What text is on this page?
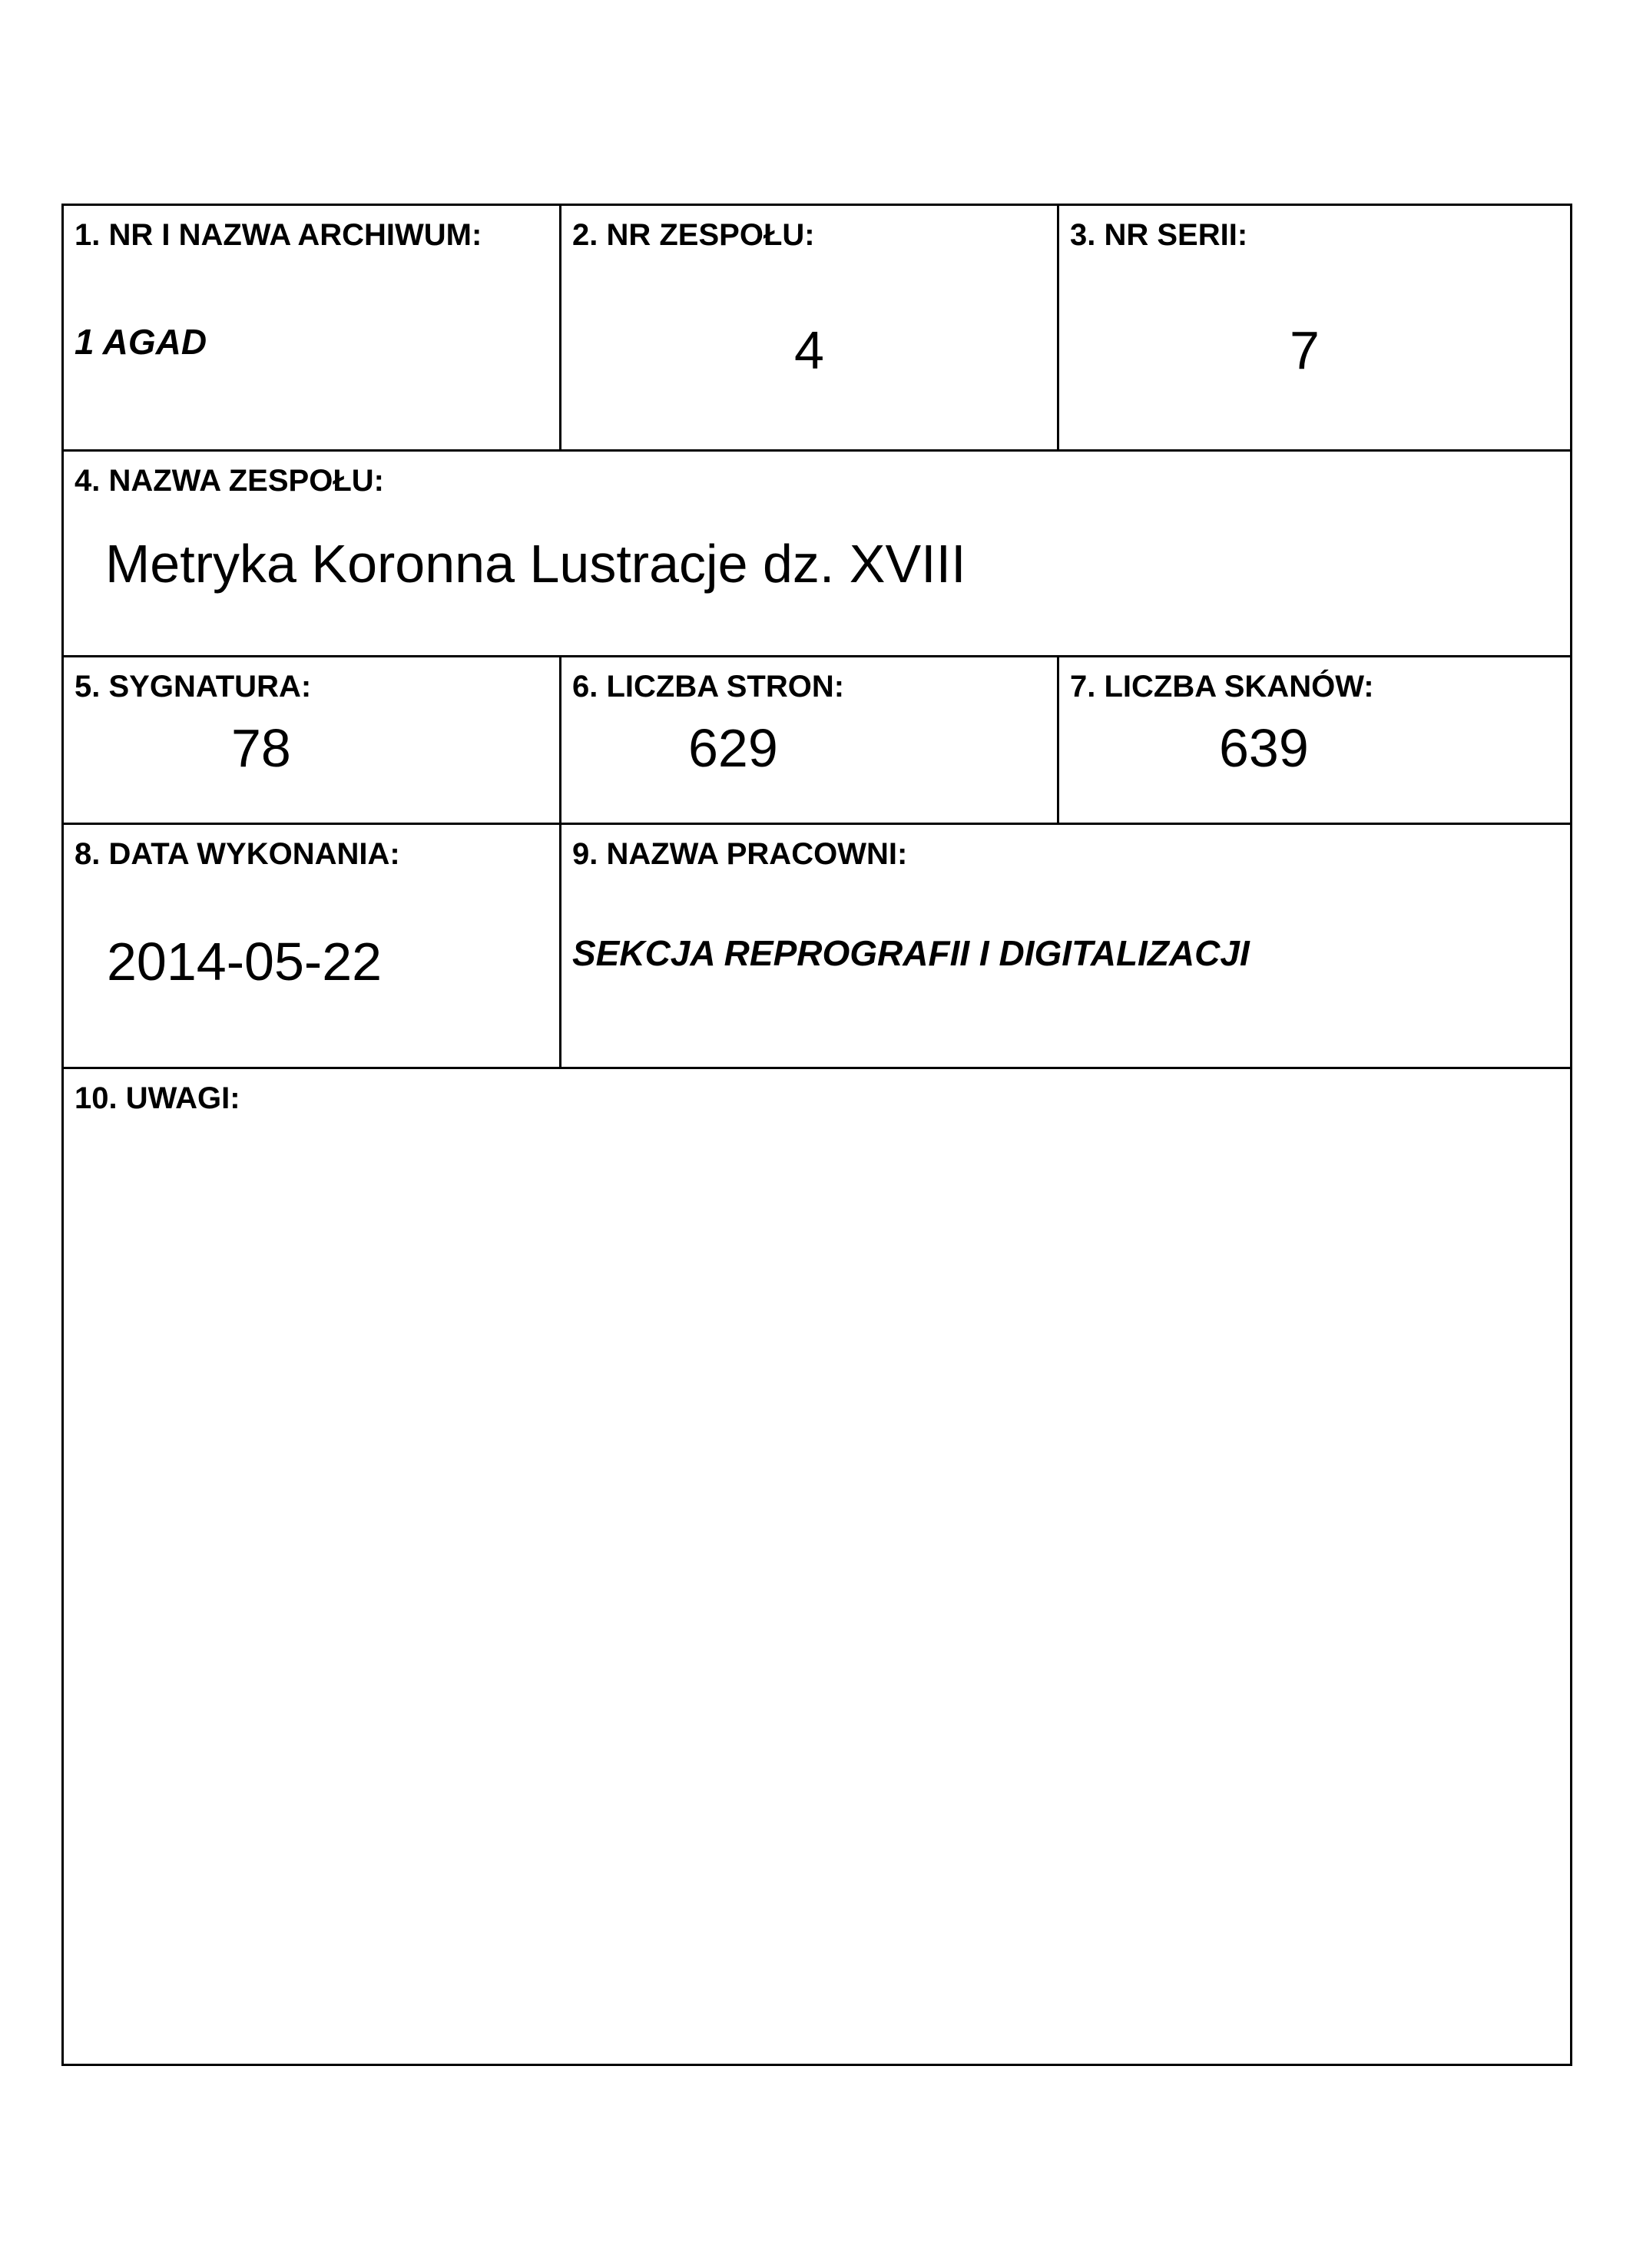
1. NR I NAZWA ARCHIWUM:
1 AGAD
2. NR ZESPOŁU:
4
3. NR SERII:
7
4. NAZWA ZESPOŁU:
Metryka Koronna Lustracje dz. XVIII
5. SYGNATURA:
78
6. LICZBA STRON:
629
7. LICZBA SKANÓW:
639
8. DATA WYKONANIA:
2014-05-22
9. NAZWA PRACOWNI:
SEKCJA REPROGRAFII I DIGITALIZACJI
10. UWAGI:
